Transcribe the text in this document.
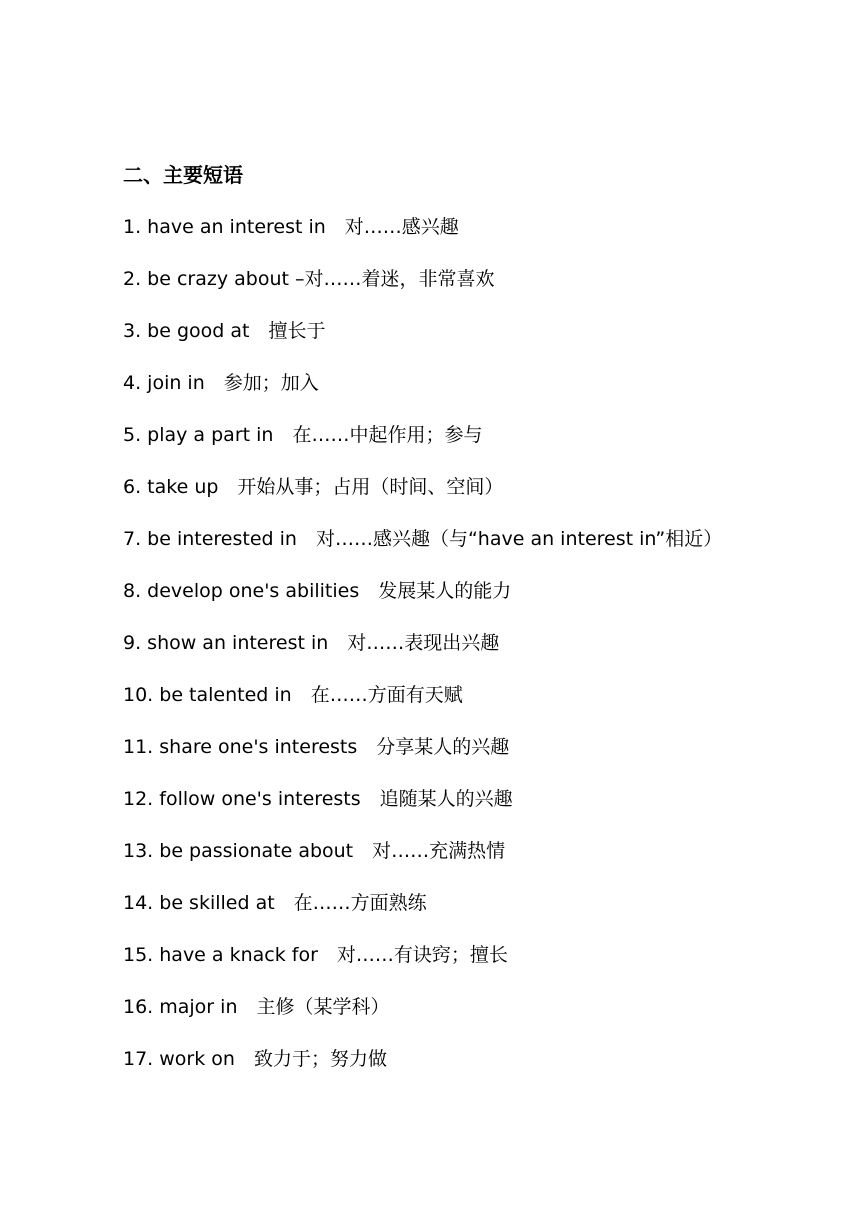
二、主要短语
1. have an interest in　对……感兴趣
2. be crazy about –对……着迷，非常喜欢
3. be good at　擅长于
4. join in　参加；加入
5. play a part in　在……中起作用；参与
6. take up　开始从事；占用（时间、空间）
7. be interested in　对……感兴趣（与“have an interest in”相近）
8. develop one's abilities　发展某人的能力
9. show an interest in　对……表现出兴趣
10. be talented in　在……方面有天赋
11. share one's interests　分享某人的兴趣
12. follow one's interests　追随某人的兴趣
13. be passionate about　对……充满热情
14. be skilled at　在……方面熟练
15. have a knack for　对……有诀窍；擅长
16. major in　主修（某学科）
17. work on　致力于；努力做
